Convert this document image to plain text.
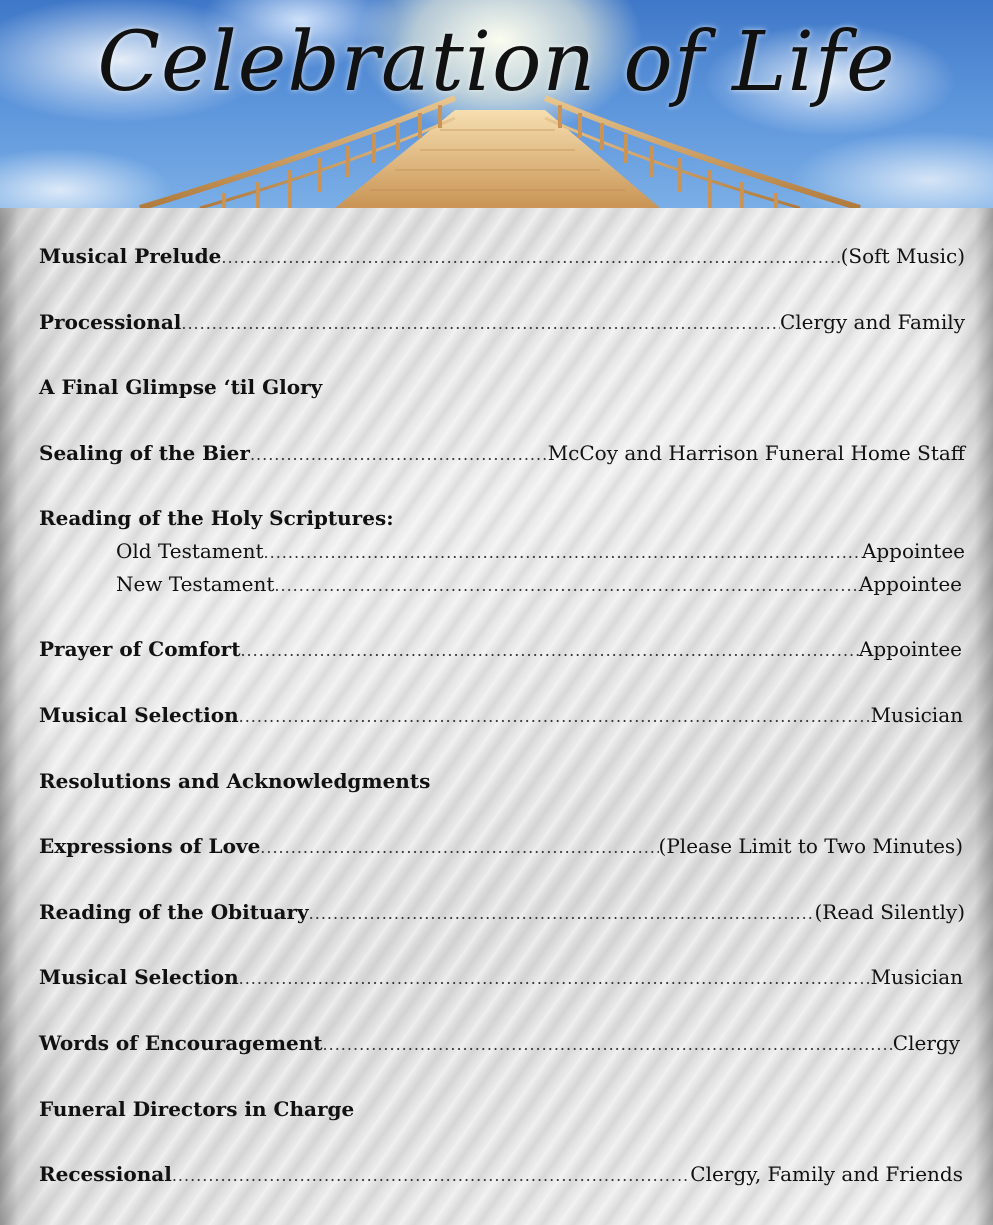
Celebration of Life
Musical Prelude .....	(Soft Music)
Processional .....	Clergy and Family
A Final Glimpse ‘til Glory
Sealing of the Bier .....	McCoy and Harrison Funeral Home Staff
Reading of the Holy Scriptures:
Old Testament .....	Appointee
New Testament .....	Appointee
Prayer of Comfort .....	Appointee
Musical Selection .....	Musician
Resolutions and Acknowledgments
Expressions of Love .....	(Please Limit to Two Minutes)
Reading of the Obituary .....	(Read Silently)
Musical Selection .....	Musician
Words of Encouragement .....	Clergy
Funeral Directors in Charge
Recessional .....	Clergy, Family and Friends
